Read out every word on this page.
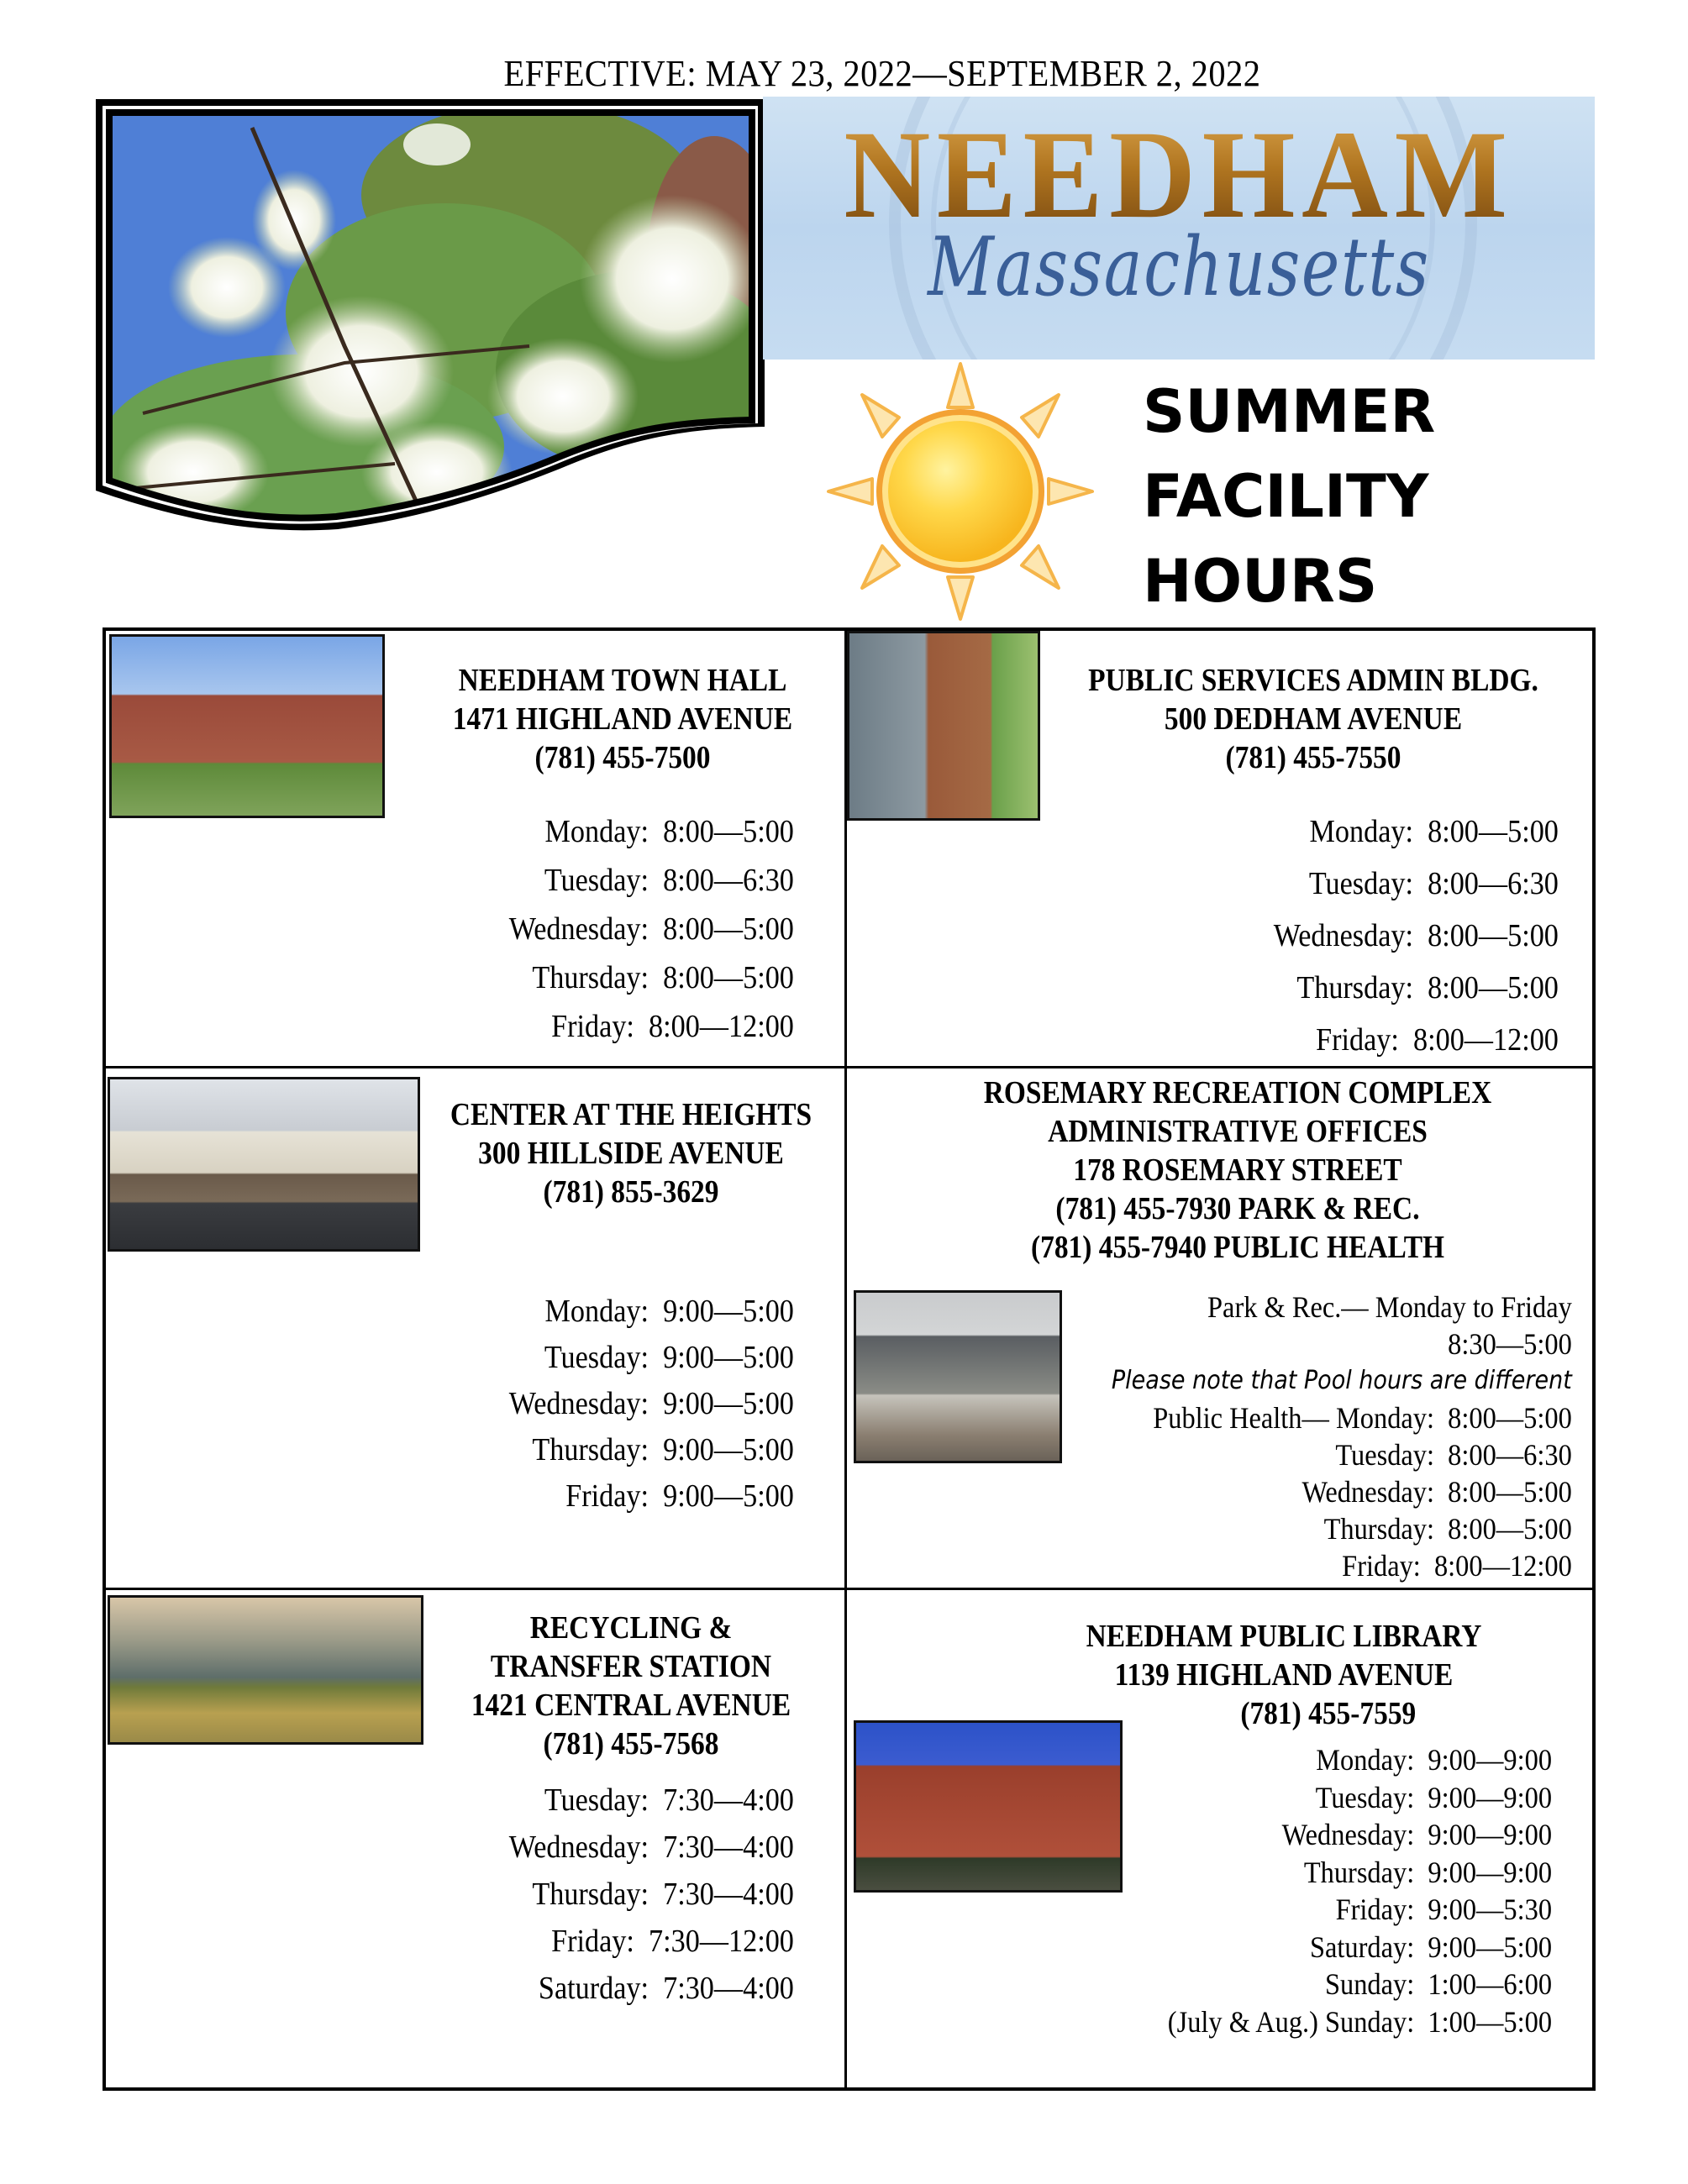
EFFECTIVE: MAY 23, 2022—SEPTEMBER 2, 2022
NEEDHAM
Massachusetts
SUMMER
FACILITY
HOURS
NEEDHAM TOWN HALL
1471 HIGHLAND AVENUE
(781) 455-7500
Monday: 8:00—5:00
Tuesday: 8:00—6:30
Wednesday: 8:00—5:00
Thursday: 8:00—5:00
Friday: 8:00—12:00
PUBLIC SERVICES ADMIN BLDG.
500 DEDHAM AVENUE
(781) 455-7550
Monday: 8:00—5:00
Tuesday: 8:00—6:30
Wednesday: 8:00—5:00
Thursday: 8:00—5:00
Friday: 8:00—12:00
CENTER AT THE HEIGHTS
300 HILLSIDE AVENUE
(781) 855-3629
Monday: 9:00—5:00
Tuesday: 9:00—5:00
Wednesday: 9:00—5:00
Thursday: 9:00—5:00
Friday: 9:00—5:00
ROSEMARY RECREATION COMPLEX
ADMINISTRATIVE OFFICES
178 ROSEMARY STREET
(781) 455-7930 PARK & REC.
(781) 455-7940 PUBLIC HEALTH
Park & Rec.— Monday to Friday
8:30—5:00
Please note that Pool hours are different
Public Health— Monday: 8:00—5:00
Tuesday: 8:00—6:30
Wednesday: 8:00—5:00
Thursday: 8:00—5:00
Friday: 8:00—12:00
RECYCLING &
TRANSFER STATION
1421 CENTRAL AVENUE
(781) 455-7568
Tuesday: 7:30—4:00
Wednesday: 7:30—4:00
Thursday: 7:30—4:00
Friday: 7:30—12:00
Saturday: 7:30—4:00
NEEDHAM PUBLIC LIBRARY
1139 HIGHLAND AVENUE
(781) 455-7559
Monday: 9:00—9:00
Tuesday: 9:00—9:00
Wednesday: 9:00—9:00
Thursday: 9:00—9:00
Friday: 9:00—5:30
Saturday: 9:00—5:00
Sunday: 1:00—6:00
(July & Aug.) Sunday: 1:00—5:00
